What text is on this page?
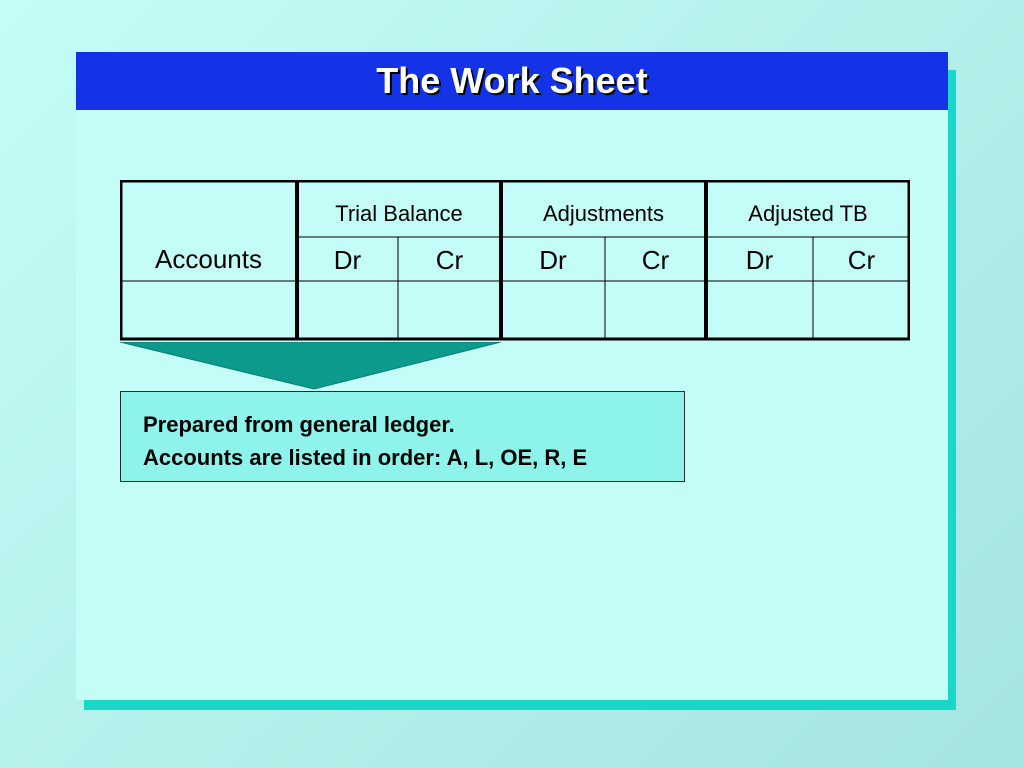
The Work Sheet
Accounts
Trial Balance	Adjustments	Adjusted TB
Dr	Cr	Dr	Cr	Dr	Cr
Prepared from general ledger.
Accounts are listed in order: A, L, OE, R, E
